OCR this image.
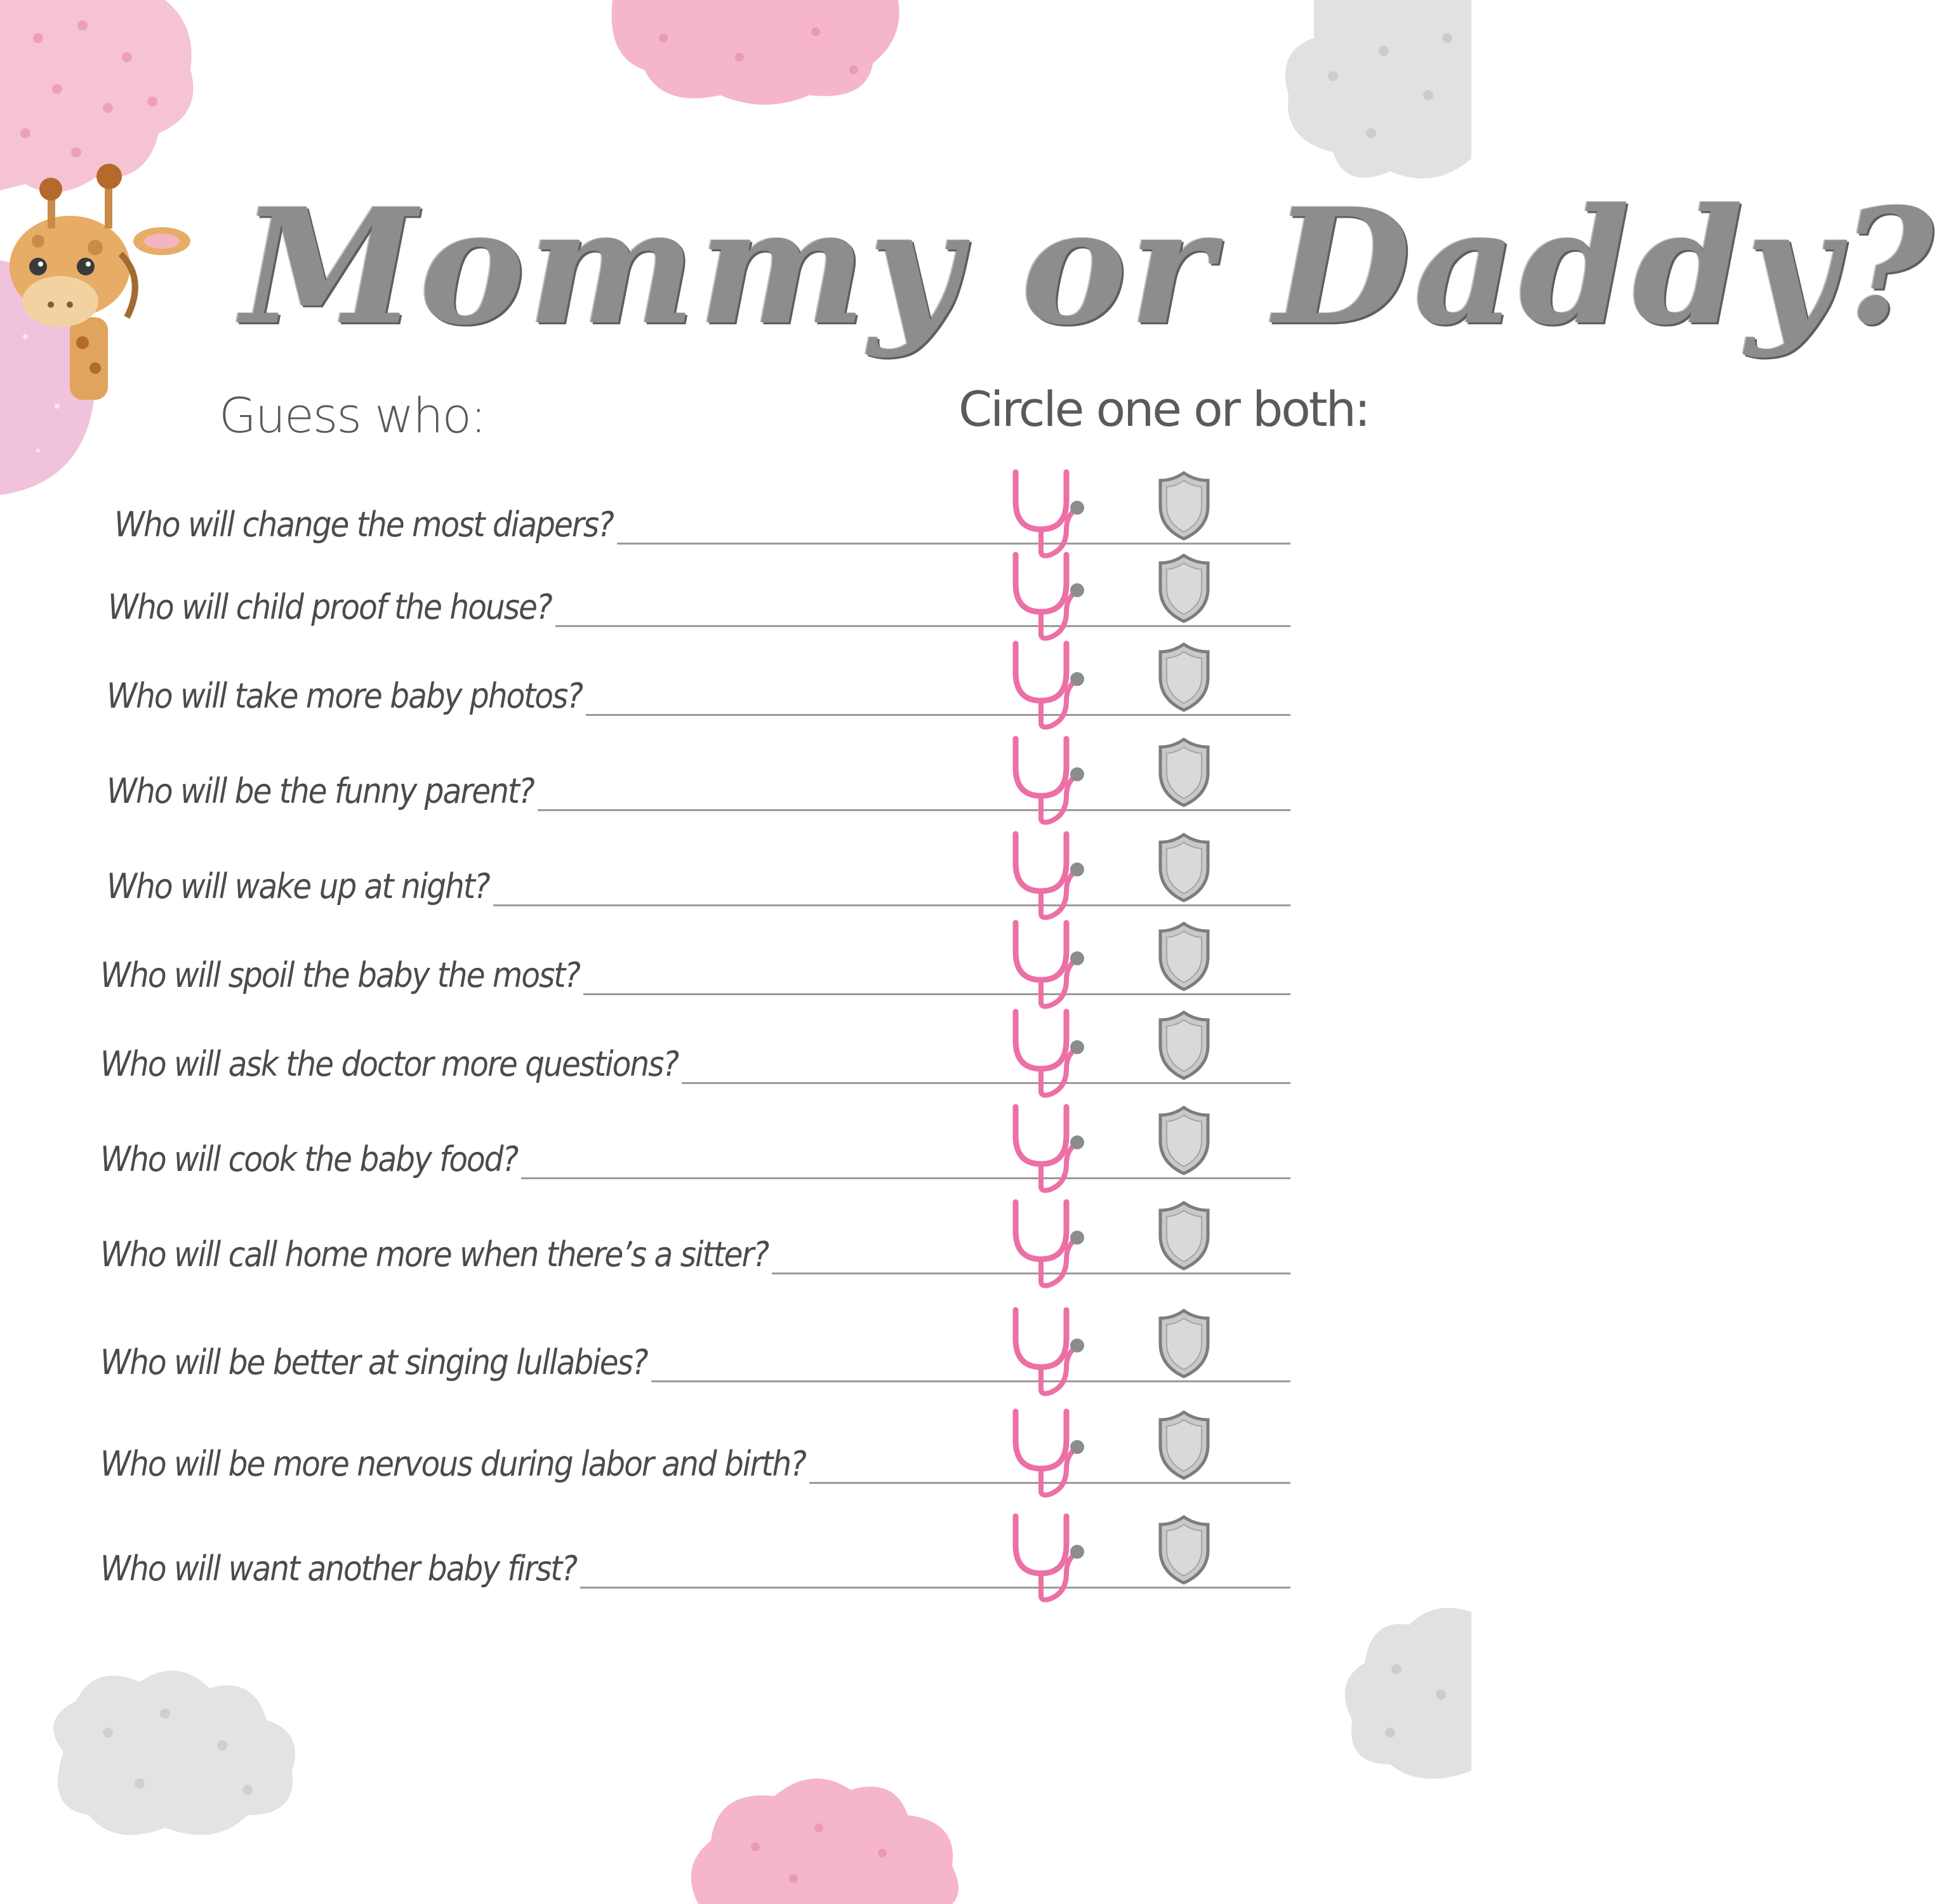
Mommy or Daddy?
Guess who:	Circle one or both:
Who will change the most diapers?
Who will child proof the house?
Who will take more baby photos?
Who will be the funny parent?
Who will wake up at night?
Who will spoil the baby the most?
Who will ask the doctor more questions?
Who will cook the baby food?
Who will call home more when there’s a sitter?
Who will be better at singing lullabies?
Who will be more nervous during labor and birth?
Who will want another baby first?
